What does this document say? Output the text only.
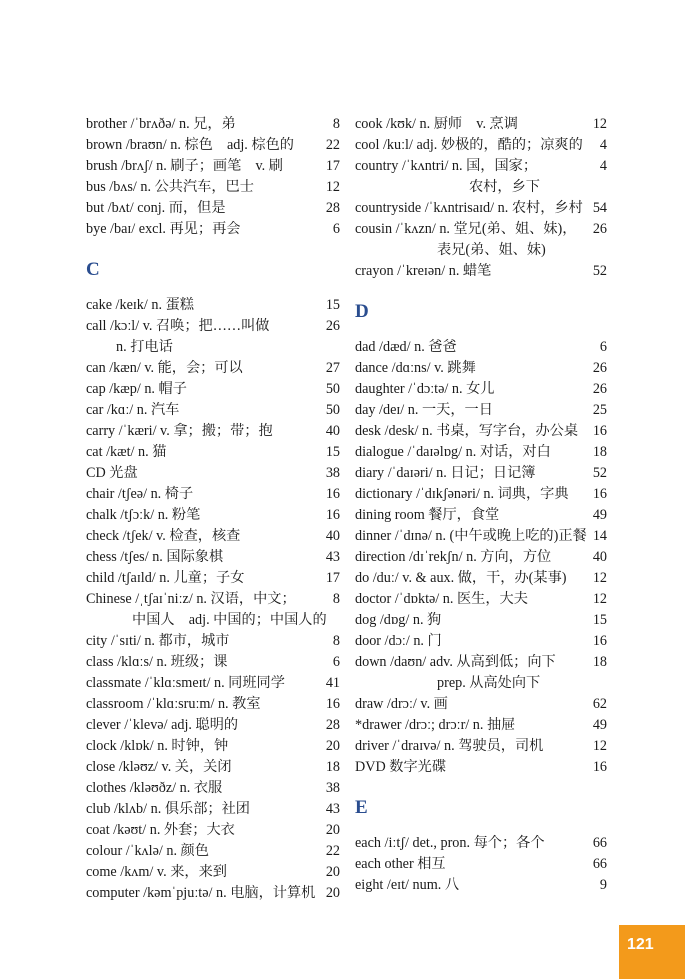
brother /ˈbrʌðə/ n. 兄，弟	8
brown /braʊn/ n. 棕色　adj. 棕色的	22
brush /brʌʃ/ n. 刷子；画笔　v. 刷	17
bus /bʌs/ n. 公共汽车，巴士	12
but /bʌt/ conj. 而，但是	28
bye /baɪ/ excl. 再见；再会	6
C
cake /keɪk/ n. 蛋糕	15
call /kɔːl/ v. 召唤；把……叫做	26
n. 打电话
can /kæn/ v. 能，会；可以	27
cap /kæp/ n. 帽子	50
car /kɑː/ n. 汽车	50
carry /ˈkæri/ v. 拿；搬；带；抱	40
cat /kæt/ n. 猫	15
CD 光盘	38
chair /tʃeə/ n. 椅子	16
chalk /tʃɔːk/ n. 粉笔	16
check /tʃek/ v. 检查，核查	40
chess /tʃes/ n. 国际象棋	43
child /tʃaɪld/ n. 儿童；子女	17
Chinese /ˌtʃaɪˈniːz/ n. 汉语，中文；	8
中国人　adj. 中国的；中国人的
city /ˈsɪti/ n. 都市，城市	8
class /klɑːs/ n. 班级；课	6
classmate /ˈklɑːsmeɪt/ n. 同班同学	41
classroom /ˈklɑːsruːm/ n. 教室	16
clever /ˈklevə/ adj. 聪明的	28
clock /klɒk/ n. 时钟，钟	20
close /kləʊz/ v. 关，关闭	18
clothes /kləʊðz/ n. 衣服	38
club /klʌb/ n. 俱乐部；社团	43
coat /kəʊt/ n. 外套；大衣	20
colour /ˈkʌlə/ n. 颜色	22
come /kʌm/ v. 来，来到	20
computer /kəmˈpjuːtə/ n. 电脑，计算机 20
cook /kʊk/ n. 厨师　v. 烹调	12
cool /kuːl/ adj. 妙极的，酷的；凉爽的	4
country /ˈkʌntri/ n. 国，国家；	4
农村，乡下
countryside /ˈkʌntrisaɪd/ n. 农村，乡村 54
cousin /ˈkʌzn/ n. 堂兄(弟、姐、妹)，	26
表兄(弟、姐、妹)
crayon /ˈkreɪən/ n. 蜡笔	52
D
dad /dæd/ n. 爸爸	6
dance /dɑːns/ v. 跳舞	26
daughter /ˈdɔːtə/ n. 女儿	26
day /deɪ/ n. 一天，一日	25
desk /desk/ n. 书桌，写字台，办公桌	16
dialogue /ˈdaɪəlɒg/ n. 对话，对白	18
diary /ˈdaɪəri/ n. 日记；日记簿	52
dictionary /ˈdɪkʃənəri/ n. 词典，字典	16
dining room 餐厅，食堂	49
dinner /ˈdɪnə/ n. (中午或晚上吃的)正餐 14
direction /dɪˈrekʃn/ n. 方向，方位	40
do /duː/ v. & aux. 做，干，办(某事)	12
doctor /ˈdɒktə/ n. 医生，大夫	12
dog /dɒg/ n. 狗	15
door /dɔː/ n. 门	16
down /daʊn/ adv. 从高到低；向下	18
prep. 从高处向下
draw /drɔː/ v. 画	62
*drawer /drɔː; drɔːr/ n. 抽屉	49
driver /ˈdraɪvə/ n. 驾驶员，司机	12
DVD 数字光碟	16
E
each /iːtʃ/ det., pron. 每个；各个	66
each other 相互	66
eight /eɪt/ num. 八	9
121
